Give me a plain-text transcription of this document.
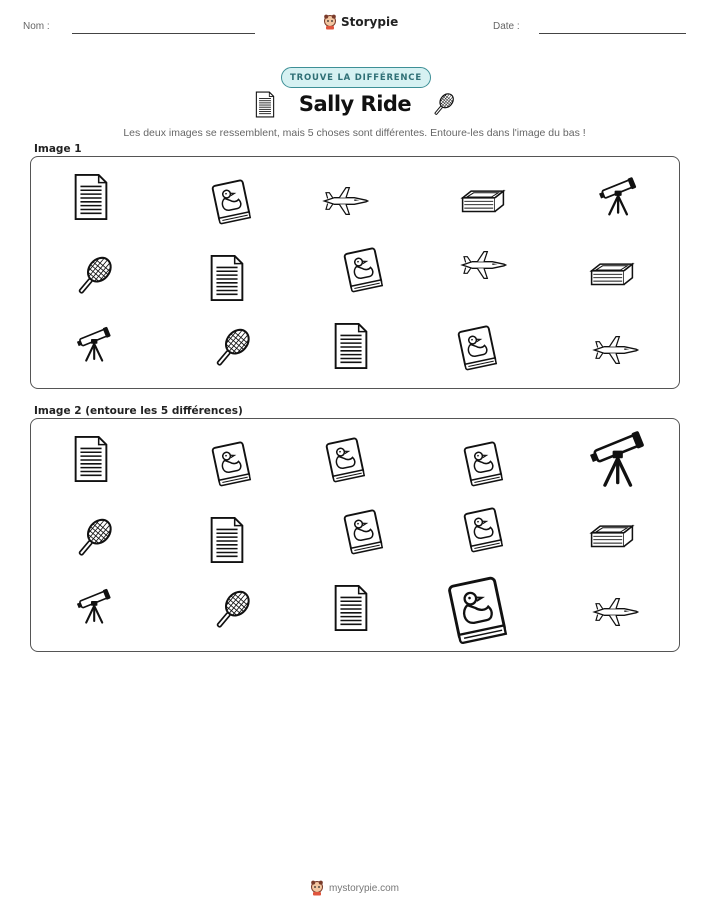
Nom :	Storypie	Date :
TROUVE LA DIFFÉRENCE
Sally Ride
Les deux images se ressemblent, mais 5 choses sont différentes. Entoure-les dans l'image du bas !
Image 1
Image 2 (entoure les 5 différences)
mystorypie.com
